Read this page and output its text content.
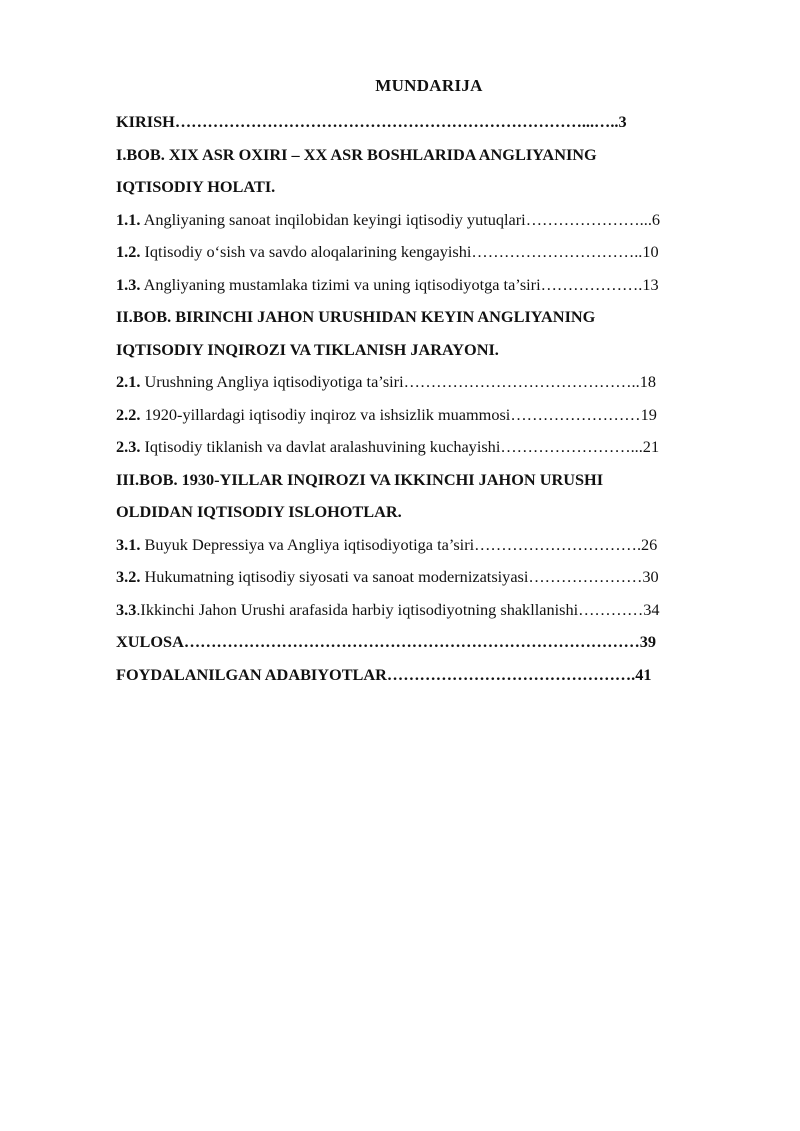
MUNDARIJA
KIRISH…………………………………………………………………...…..3
I.BOB. XIX ASR OXIRI – XX ASR BOSHLARIDA ANGLIYANING
IQTISODIY HOLATI.
1.1. Angliyaning sanoat inqilobidan keyingi iqtisodiy yutuqlari…………………...6
1.2. Iqtisodiy o‘sish va savdo aloqalarining kengayishi…………………………..10
1.3. Angliyaning mustamlaka tizimi va uning iqtisodiyotga ta’siri……………….13
II.BOB. BIRINCHI JAHON URUSHIDAN KEYIN ANGLIYANING
IQTISODIY INQIROZI VA TIKLANISH JARAYONI.
2.1. Urushning Angliya iqtisodiyotiga ta’siri……………………………………..18
2.2. 1920-yillardagi iqtisodiy inqiroz va ishsizlik muammosi……………………19
2.3. Iqtisodiy tiklanish va davlat aralashuvining kuchayishi……………………...21
III.BOB. 1930-YILLAR INQIROZI VA IKKINCHI JAHON URUSHI
OLDIDAN IQTISODIY ISLOHOTLAR.
3.1. Buyuk Depressiya va Angliya iqtisodiyotiga ta’siri………………………….26
3.2. Hukumatning iqtisodiy siyosati va sanoat modernizatsiyasi…………………30
3.3.Ikkinchi Jahon Urushi arafasida harbiy iqtisodiyotning shakllanishi…………34
XULOSA…………………………………………………………………………39
FOYDALANILGAN ADABIYOTLAR……………………………………….41
